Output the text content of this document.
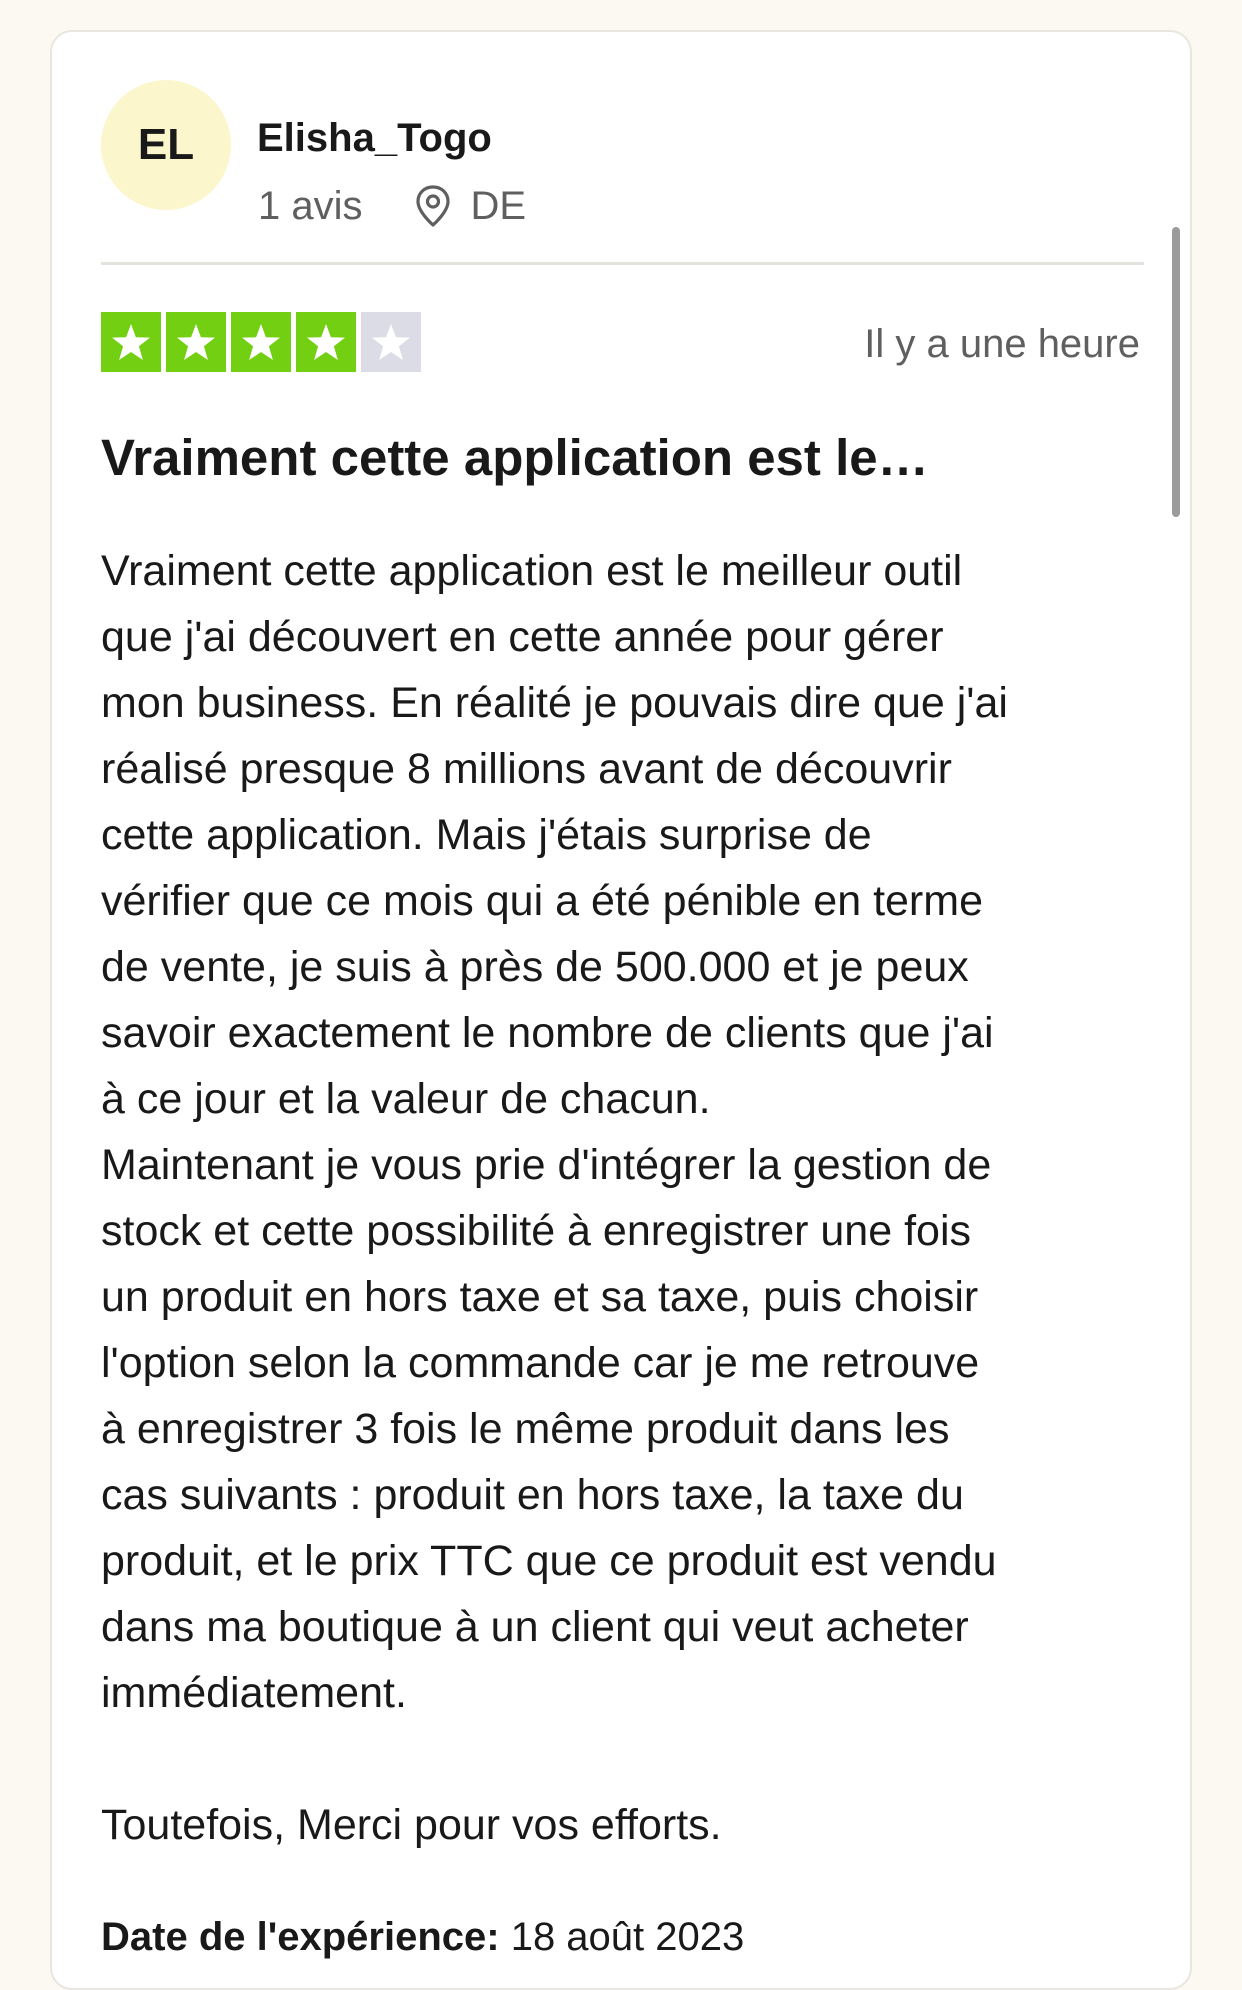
EL	Elisha_Togo
1 avis	DE
Il y a une heure
Vraiment cette application est le…
Vraiment cette application est le meilleur outil
que j'ai découvert en cette année pour gérer
mon business. En réalité je pouvais dire que j'ai
réalisé presque 8 millions avant de découvrir
cette application. Mais j'étais surprise de
vérifier que ce mois qui a été pénible en terme
de vente, je suis à près de 500.000 et je peux
savoir exactement le nombre de clients que j'ai
à ce jour et la valeur de chacun.
Maintenant je vous prie d'intégrer la gestion de
stock et cette possibilité à enregistrer une fois
un produit en hors taxe et sa taxe, puis choisir
l'option selon la commande car je me retrouve
à enregistrer 3 fois le même produit dans les
cas suivants : produit en hors taxe, la taxe du
produit, et le prix TTC que ce produit est vendu
dans ma boutique à un client qui veut acheter
immédiatement.
Toutefois, Merci pour vos efforts.
Date de l'expérience: 18 août 2023
